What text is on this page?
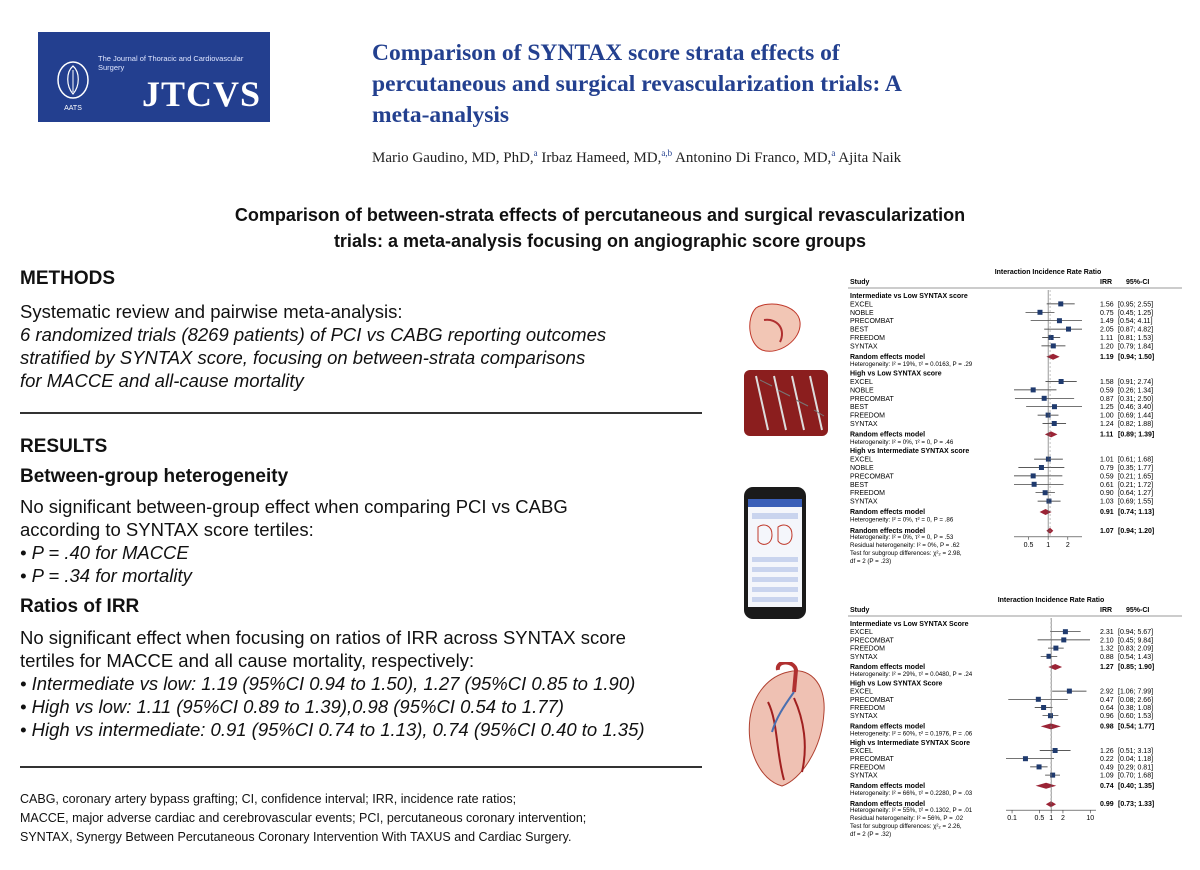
AATS
The Journal of Thoracic and Cardiovascular Surgery
JTCVS
Comparison of SYNTAX score strata effects of
percutaneous and surgical revascularization trials: A
meta-analysis
Mario Gaudino, MD, PhD,$^a$ Irbaz Hameed, MD,$^{a,b}$ Antonino Di Franco, MD,$^a$ Ajita Naik
Comparison of between-strata effects of percutaneous and surgical revascularization
trials: a meta-analysis focusing on angiographic score groups
METHODS
Systematic review and pairwise meta-analysis:
6 randomized trials (8269 patients) of PCI vs CABG reporting outcomes
stratified by SYNTAX score, focusing on between-strata comparisons
for MACCE and all-cause mortality
RESULTS
Between-group heterogeneity
No significant between-group effect when comparing PCI vs CABG
according to SYNTAX score tertiles:
• P = .40 for MACCE
• P = .34 for mortality
Ratios of IRR
No significant effect when focusing on ratios of IRR across SYNTAX score
tertiles for MACCE and all cause mortality, respectively:
• Intermediate vs low: 1.19 (95%CI 0.94 to 1.50), 1.27 (95%CI 0.85 to 1.90)
• High vs low: 1.11 (95%CI 0.89 to 1.39),0.98 (95%CI 0.54 to 1.77)
• High vs intermediate: 0.91 (95%CI 0.74 to 1.13), 0.74 (95%CI 0.40 to 1.35)
CABG, coronary artery bypass grafting; CI, confidence interval; IRR, incidence rate ratios;
MACCE, major adverse cardiac and cerebrovascular events; PCI, percutaneous coronary intervention;
SYNTAX, Synergy Between Percutaneous Coronary Intervention With TAXUS and Cardiac Surgery.
Interaction Incidence Rate Ratio
Study	IRR 95%-CI
Intermediate vs Low SYNTAX score
EXCEL	1.56 [0.95; 2.55]
NOBLE	0.75 [0.45; 1.25]
PRECOMBAT	1.49 [0.54; 4.11]
BEST	2.05 [0.87; 4.82]
FREEDOM	1.11 [0.81; 1.53]
SYNTAX	1.20 [0.79; 1.84]
Random effects model	1.19 [0.94; 1.50]
Heterogeneity: I² = 19%, τ² = 0.0163, P = .29
High vs Low SYNTAX score
EXCEL	1.58 [0.91; 2.74]
NOBLE	0.59 [0.26; 1.34]
PRECOMBAT	0.87 [0.31; 2.50]
BEST	1.25 [0.46; 3.40]
FREEDOM	1.00 [0.69; 1.44]
SYNTAX	1.24 [0.82; 1.88]
Random effects model	1.11 [0.89; 1.39]
Heterogeneity: I² = 0%, τ² = 0, P = .46
High vs Intermediate SYNTAX score
EXCEL	1.01 [0.61; 1.68]
NOBLE	0.79 [0.35; 1.77]
PRECOMBAT	0.59 [0.21; 1.65]
BEST	0.61 [0.21; 1.72]
FREEDOM	0.90 [0.64; 1.27]
SYNTAX	1.03 [0.69; 1.55]
Random effects model	0.91 [0.74; 1.13]
Heterogeneity: I² = 0%, τ² = 0, P = .86
Random effects model	1.07 [0.94; 1.20]
0.5 1 2
Heterogeneity: I² = 0%, τ² = 0, P = .53
Residual heterogeneity: I² = 0%, P = .62
Test for subgroup differences: χ²₂ = 2.98,
df = 2 (P = .23)
Interaction Incidence Rate Ratio
Study	IRR 95%-CI
Intermediate vs Low SYNTAX Score
EXCEL	2.31 [0.94; 5.67]
PRECOMBAT	2.10 [0.45; 9.84]
FREEDOM	1.32 [0.83; 2.09]
SYNTAX	0.88 [0.54; 1.43]
Random effects model	1.27 [0.85; 1.90]
Heterogeneity: I² = 29%, τ² = 0.0480, P = .24
High vs Low SYNTAX Score
EXCEL	2.92 [1.06; 7.99]
PRECOMBAT	0.47 [0.08; 2.66]
FREEDOM	0.64 [0.38; 1.08]
SYNTAX	0.96 [0.60; 1.53]
Random effects model	0.98 [0.54; 1.77]
Heterogeneity: I² = 60%, τ² = 0.1976, P = .06
High vs Intermediate SYNTAX Score
EXCEL	1.26 [0.51; 3.13]
PRECOMBAT	0.22 [0.04; 1.18]
FREEDOM	0.49 [0.29; 0.81]
SYNTAX	1.09 [0.70; 1.68]
Random effects model	0.74 [0.40; 1.35]
Heterogeneity: I² = 66%, τ² = 0.2280, P = .03
Random effects model	0.99 [0.73; 1.33]
0.1	0.5 1 2	10
Heterogeneity: I² = 55%, τ² = 0.1302, P = .01
Residual heterogeneity: I² = 56%, P = .02
Test for subgroup differences: χ²₂ = 2.26,
df = 2 (P = .32)
